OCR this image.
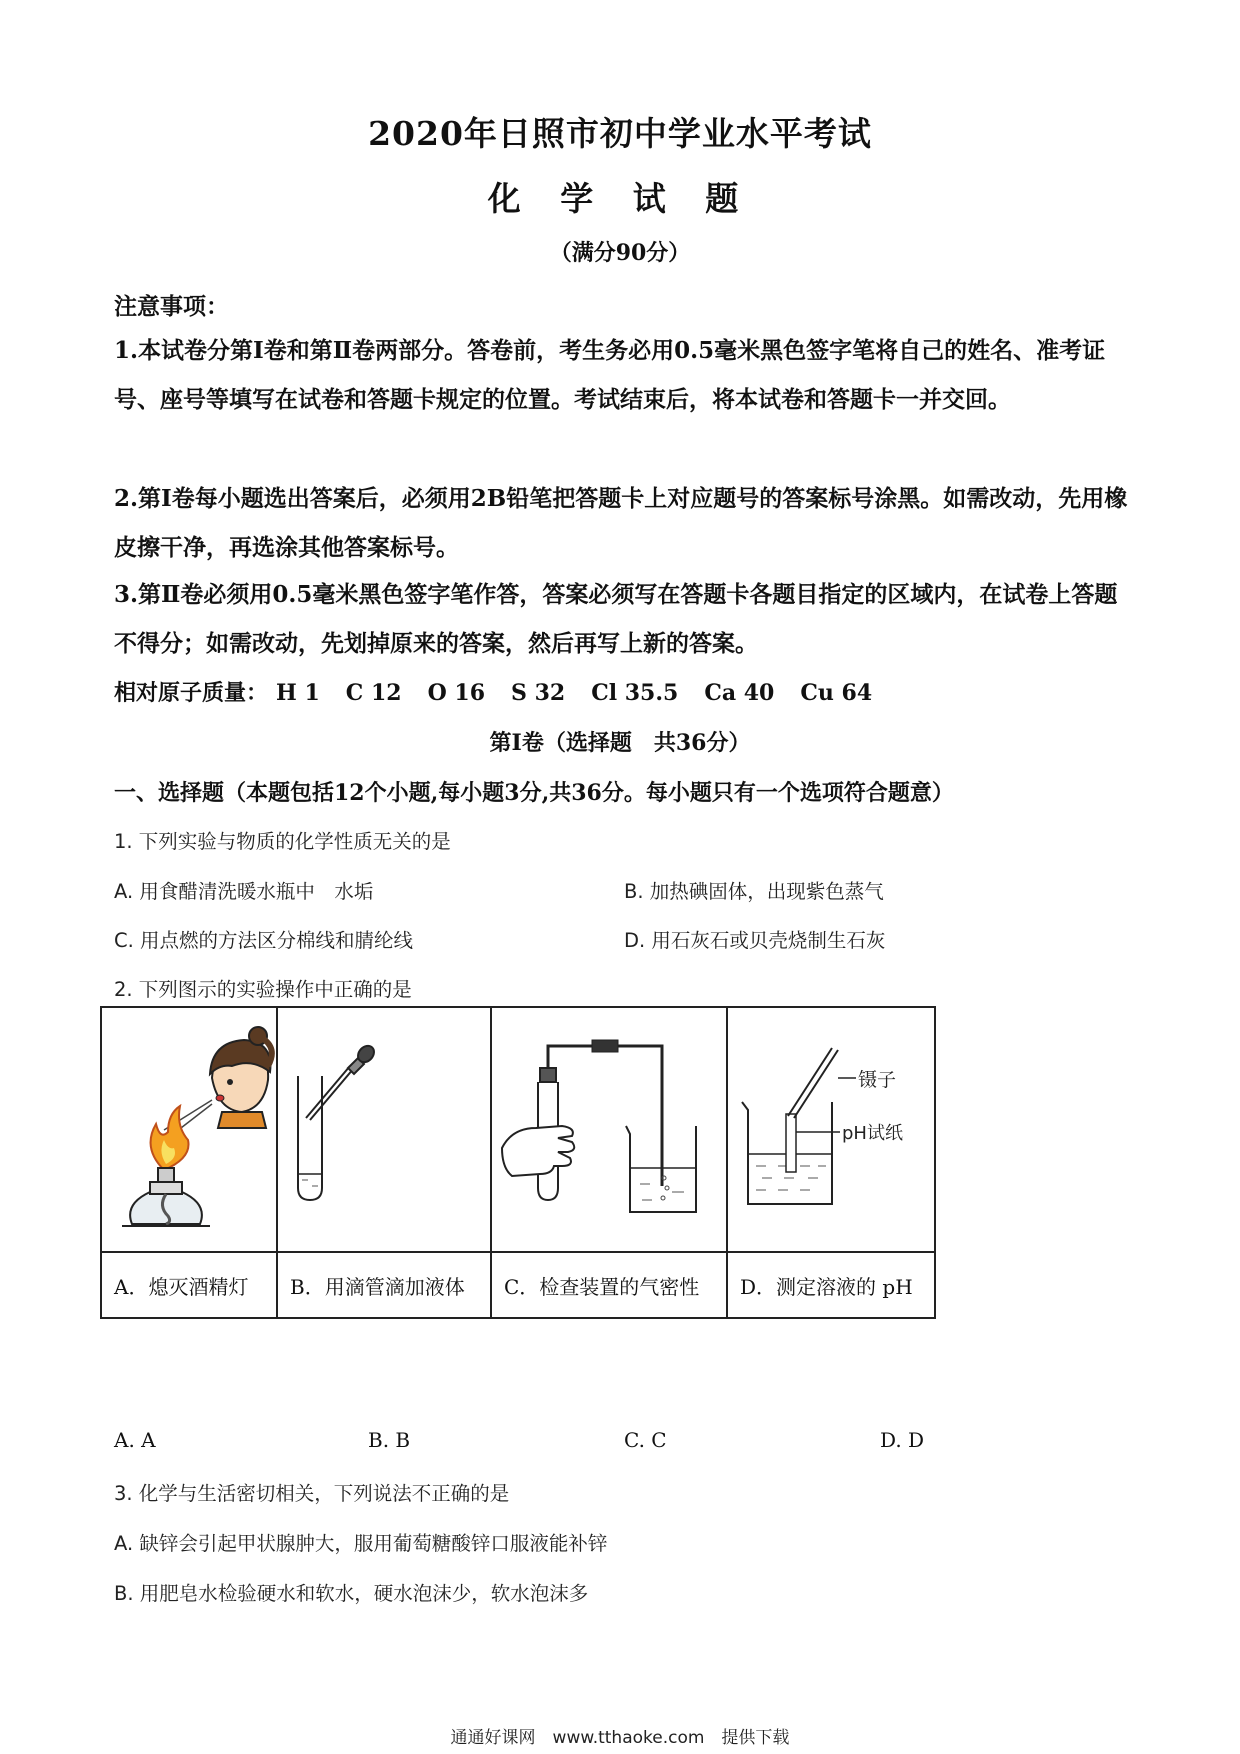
2020年日照市初中学业水平考试
化 学 试 题
（满分90分）
注意事项：
1.本试卷分第Ⅰ卷和第Ⅱ卷两部分。答卷前，考生务必用0.5毫米黑色签字笔将自己的姓名、准考证号、座号等填写在试卷和答题卡规定的位置。考试结束后，将本试卷和答题卡一并交回。
2.第Ⅰ卷每小题选出答案后，必须用2B铅笔把答题卡上对应题号的答案标号涂黑。如需改动，先用橡皮擦干净，再选涂其他答案标号。
3.第Ⅱ卷必须用0.5毫米黑色签字笔作答，答案必须写在答题卡各题目指定的区域内，在试卷上答题不得分；如需改动，先划掉原来的答案，然后再写上新的答案。
相对原子质量： H 1 C 12 O 16 S 32 Cl 35.5 Ca 40 Cu 64
第Ⅰ卷（选择题　共36分）
一、选择题（本题包括12个小题,每小题3分,共36分。每小题只有一个选项符合题意）
1. 下列实验与物质的化学性质无关的是
A. 用食醋清洗暖水瓶中　水垢	B. 加热碘固体，出现紫色蒸气
C. 用点燃的方法区分棉线和腈纶线	D. 用石灰石或贝壳烧制生石灰
2. 下列图示的实验操作中正确的是

镊子
pH试纸

A．熄灭酒精灯	B．用滴管滴加液体	C．检查装置的气密性	D．测定溶液的 pH
A. A	B. B	C. C	D. D
3. 化学与生活密切相关，下列说法不正确的是
A. 缺锌会引起甲状腺肿大，服用葡萄糖酸锌口服液能补锌
B. 用肥皂水检验硬水和软水，硬水泡沫少，软水泡沫多
通通好课网　www.tthaoke.com　提供下载
